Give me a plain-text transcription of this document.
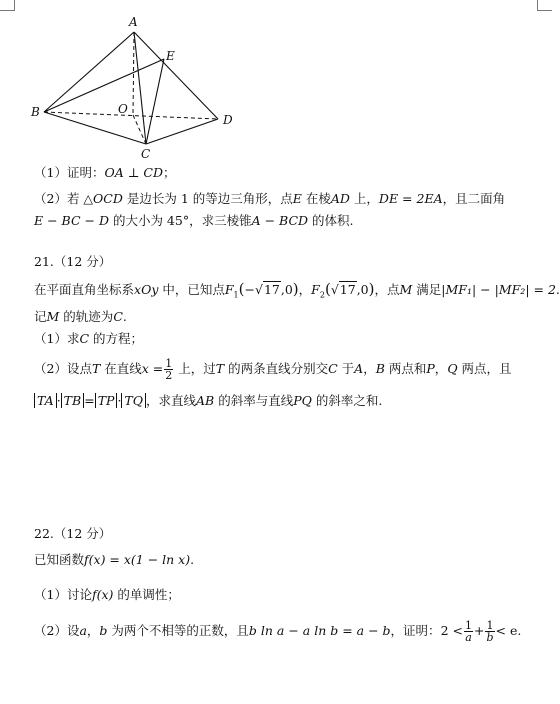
A
E
O
B
D
C
（1）证明：OA ⊥ CD；
（2）若 △OCD 是边长为 1 的等边三角形，点E 在棱AD 上，DE = 2EA，且二面角
E − BC − D 的大小为 45°，求三棱锥A − BCD 的体积.
21.（12 分）
在平面直角坐标系xOy 中，已知点$F_1(-√17,0)$，$F_2(√17,0)$，点M 满足|MF₁| − |MF₂| = 2.
记M 的轨迹为C.
（1）求C 的方程；
（2）设点T 在直线$x = \frac{1}{2}$ 上，过T 的两条直线分别交C 于A，B 两点和P，Q 两点，且
TA · TB = TP · TQ ，求直线AB 的斜率与直线PQ 的斜率之和.
22.（12 分）
已知函数f(x) = x(1 − ln x).
（1）讨论f(x) 的单调性；
（2）设a，b 为两个不相等的正数，且b ln a − a ln b = a − b，证明：$2 < \frac{1}{a} + \frac{1}{b} < e$.
